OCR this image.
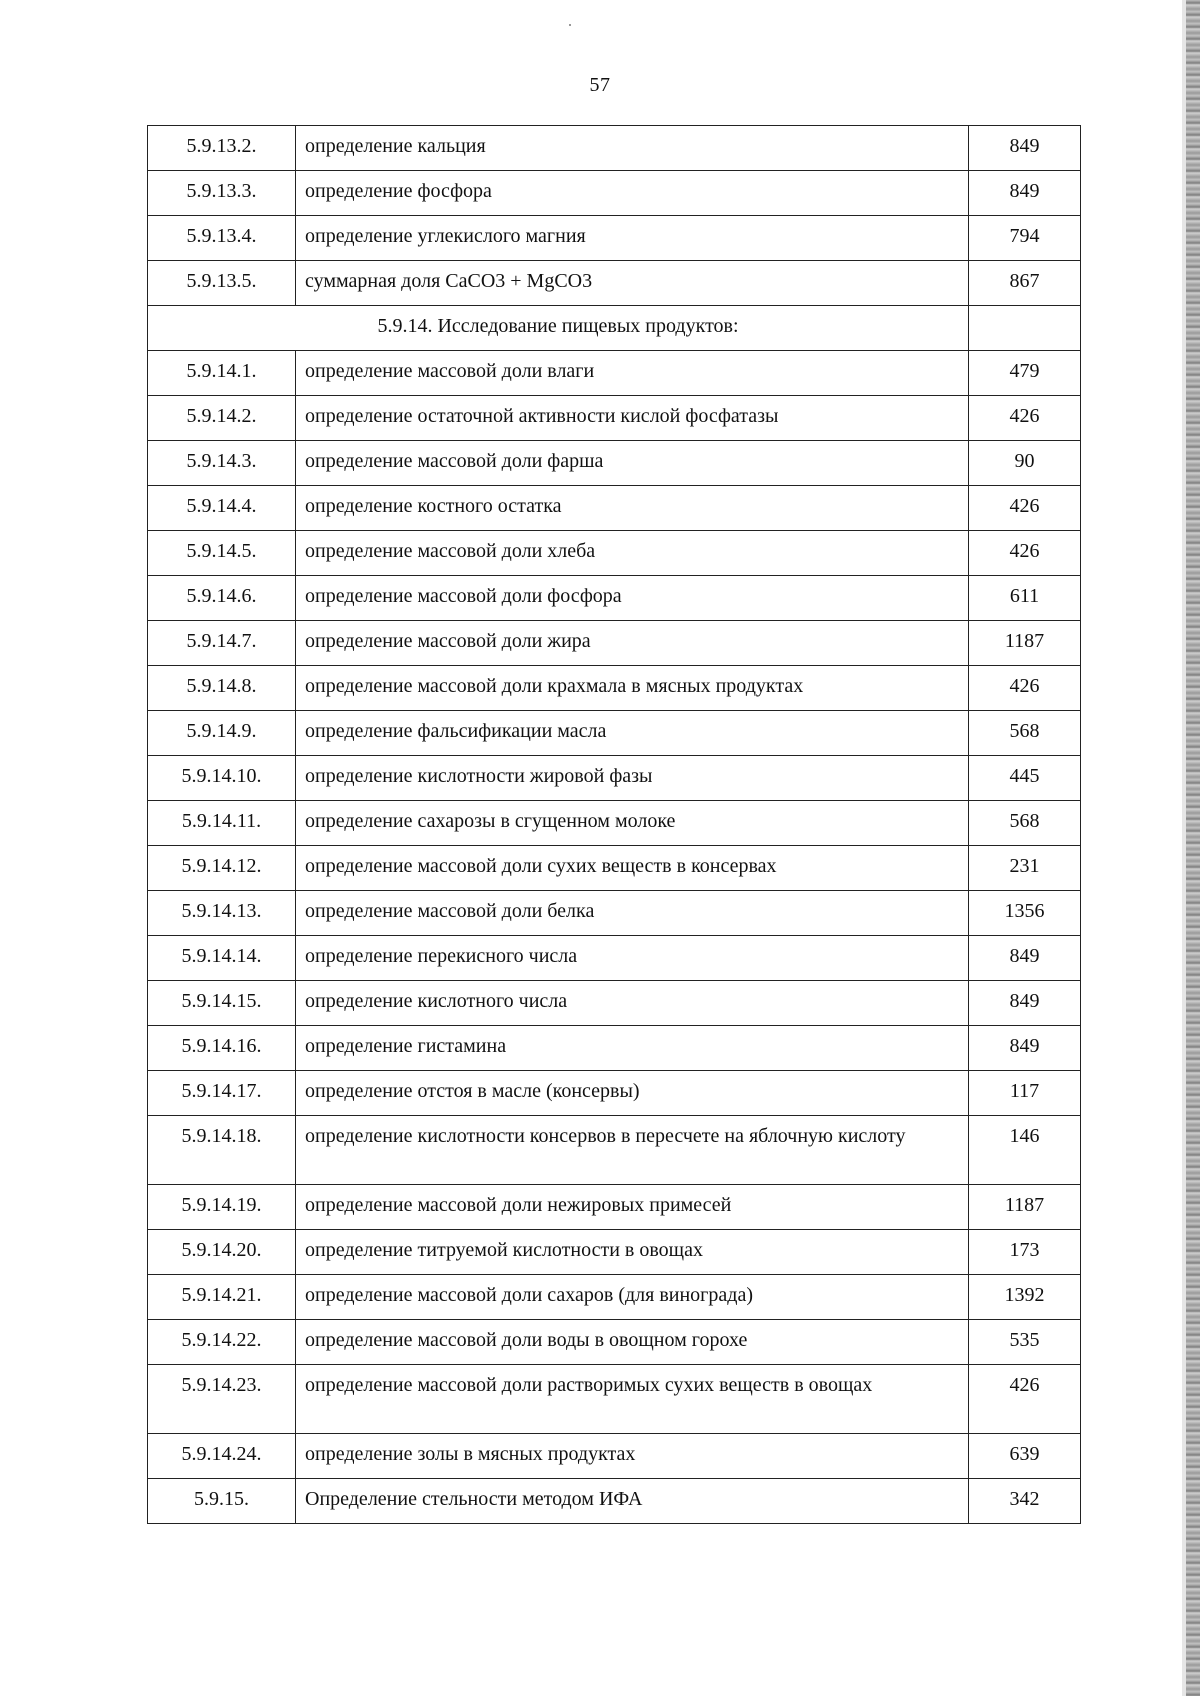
57
5.9.13.2.	определение кальция	849
5.9.13.3.	определение фосфора	849
5.9.13.4.	определение углекислого магния	794
5.9.13.5.	суммарная доля CaCO3 + MgCO3	867
5.9.14. Исследование пищевых продуктов:		
5.9.14.1.	определение массовой доли влаги	479
5.9.14.2.	определение остаточной активности кислой фосфатазы	426
5.9.14.3.	определение массовой доли фарша	90
5.9.14.4.	определение костного остатка	426
5.9.14.5.	определение массовой доли хлеба	426
5.9.14.6.	определение массовой доли фосфора	611
5.9.14.7.	определение массовой доли жира	1187
5.9.14.8.	определение массовой доли крахмала в мясных продуктах	426
5.9.14.9.	определение фальсификации масла	568
5.9.14.10.	определение кислотности жировой фазы	445
5.9.14.11.	определение сахарозы в сгущенном молоке	568
5.9.14.12.	определение массовой доли сухих веществ в консервах	231
5.9.14.13.	определение массовой доли белка	1356
5.9.14.14.	определение перекисного числа	849
5.9.14.15.	определение кислотного числа	849
5.9.14.16.	определение гистамина	849
5.9.14.17.	определение отстоя в масле (консервы)	117
5.9.14.18.	определение кислотности консервов в пересчете на яблочную кислоту	146
5.9.14.19.	определение массовой доли нежировых примесей	1187
5.9.14.20.	определение титруемой кислотности в овощах	173
5.9.14.21.	определение массовой доли сахаров (для винограда)	1392
5.9.14.22.	определение массовой доли воды в овощном горохе	535
5.9.14.23.	определение массовой доли растворимых сухих веществ в овощах	426
5.9.14.24.	определение золы в мясных продуктах	639
5.9.15.	Определение стельности методом ИФА	342
